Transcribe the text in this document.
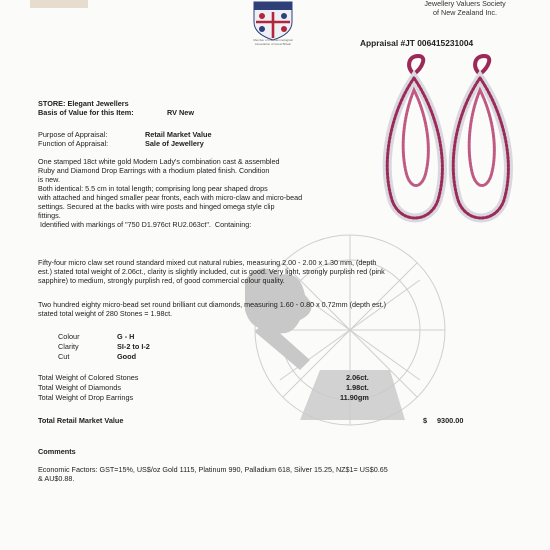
Member of the Gemmological
Association of Great Britain
Jewellery Valuers Society
of New Zealand Inc.
Appraisal #JT 006415231004
STORE: Elegant Jewellers
Basis of Value for this Item:	RV New
Purpose of Appraisal:	Retail Market Value
Function of Appraisal:	Sale of Jewellery
One stamped 18ct white gold Modern Lady's combination cast & assembled
Ruby and Diamond Drop Earrings with a rhodium plated finish. Condition
is new.
Both identical: 5.5 cm in total length; comprising long pear shaped drops
with attached and hinged smaller pear fronts, each with micro-claw and micro-bead
settings. Secured at the backs with wire posts and hinged omega style clip
fittings.
Identified with markings of "750 D1.976ct RU2.063ct".  Containing:
Fifty-four micro claw set round standard mixed cut natural rubies, measuring 2.00 - 2.00 x 1.30 mm, (depth
est.) stated total weight of 2.06ct., clarity is slightly included, cut is good. Very light, strongly purplish red (pink
sapphire) to medium, strongly purplish red, of good commercial colour quality.
Two hundred eighty micro-bead set round brilliant cut diamonds, measuring 1.60 - 0.80 x 0.72mm (depth est.)
stated total weight of 280 Stones = 1.98ct.
Colour	G - H
Clarity	SI-2 to I-2
Cut	Good
Total Weight of Colored Stones	2.06ct.
Total Weight of Diamonds	1.98ct.
Total Weight of Drop Earrings	11.90gm
Total Retail Market Value	$ 9300.00
Comments
Economic Factors: GST=15%, US$/oz Gold 1115, Platinum 990, Palladium 618, Silver 15.25, NZ$1= US$0.65
& AU$0.88.
